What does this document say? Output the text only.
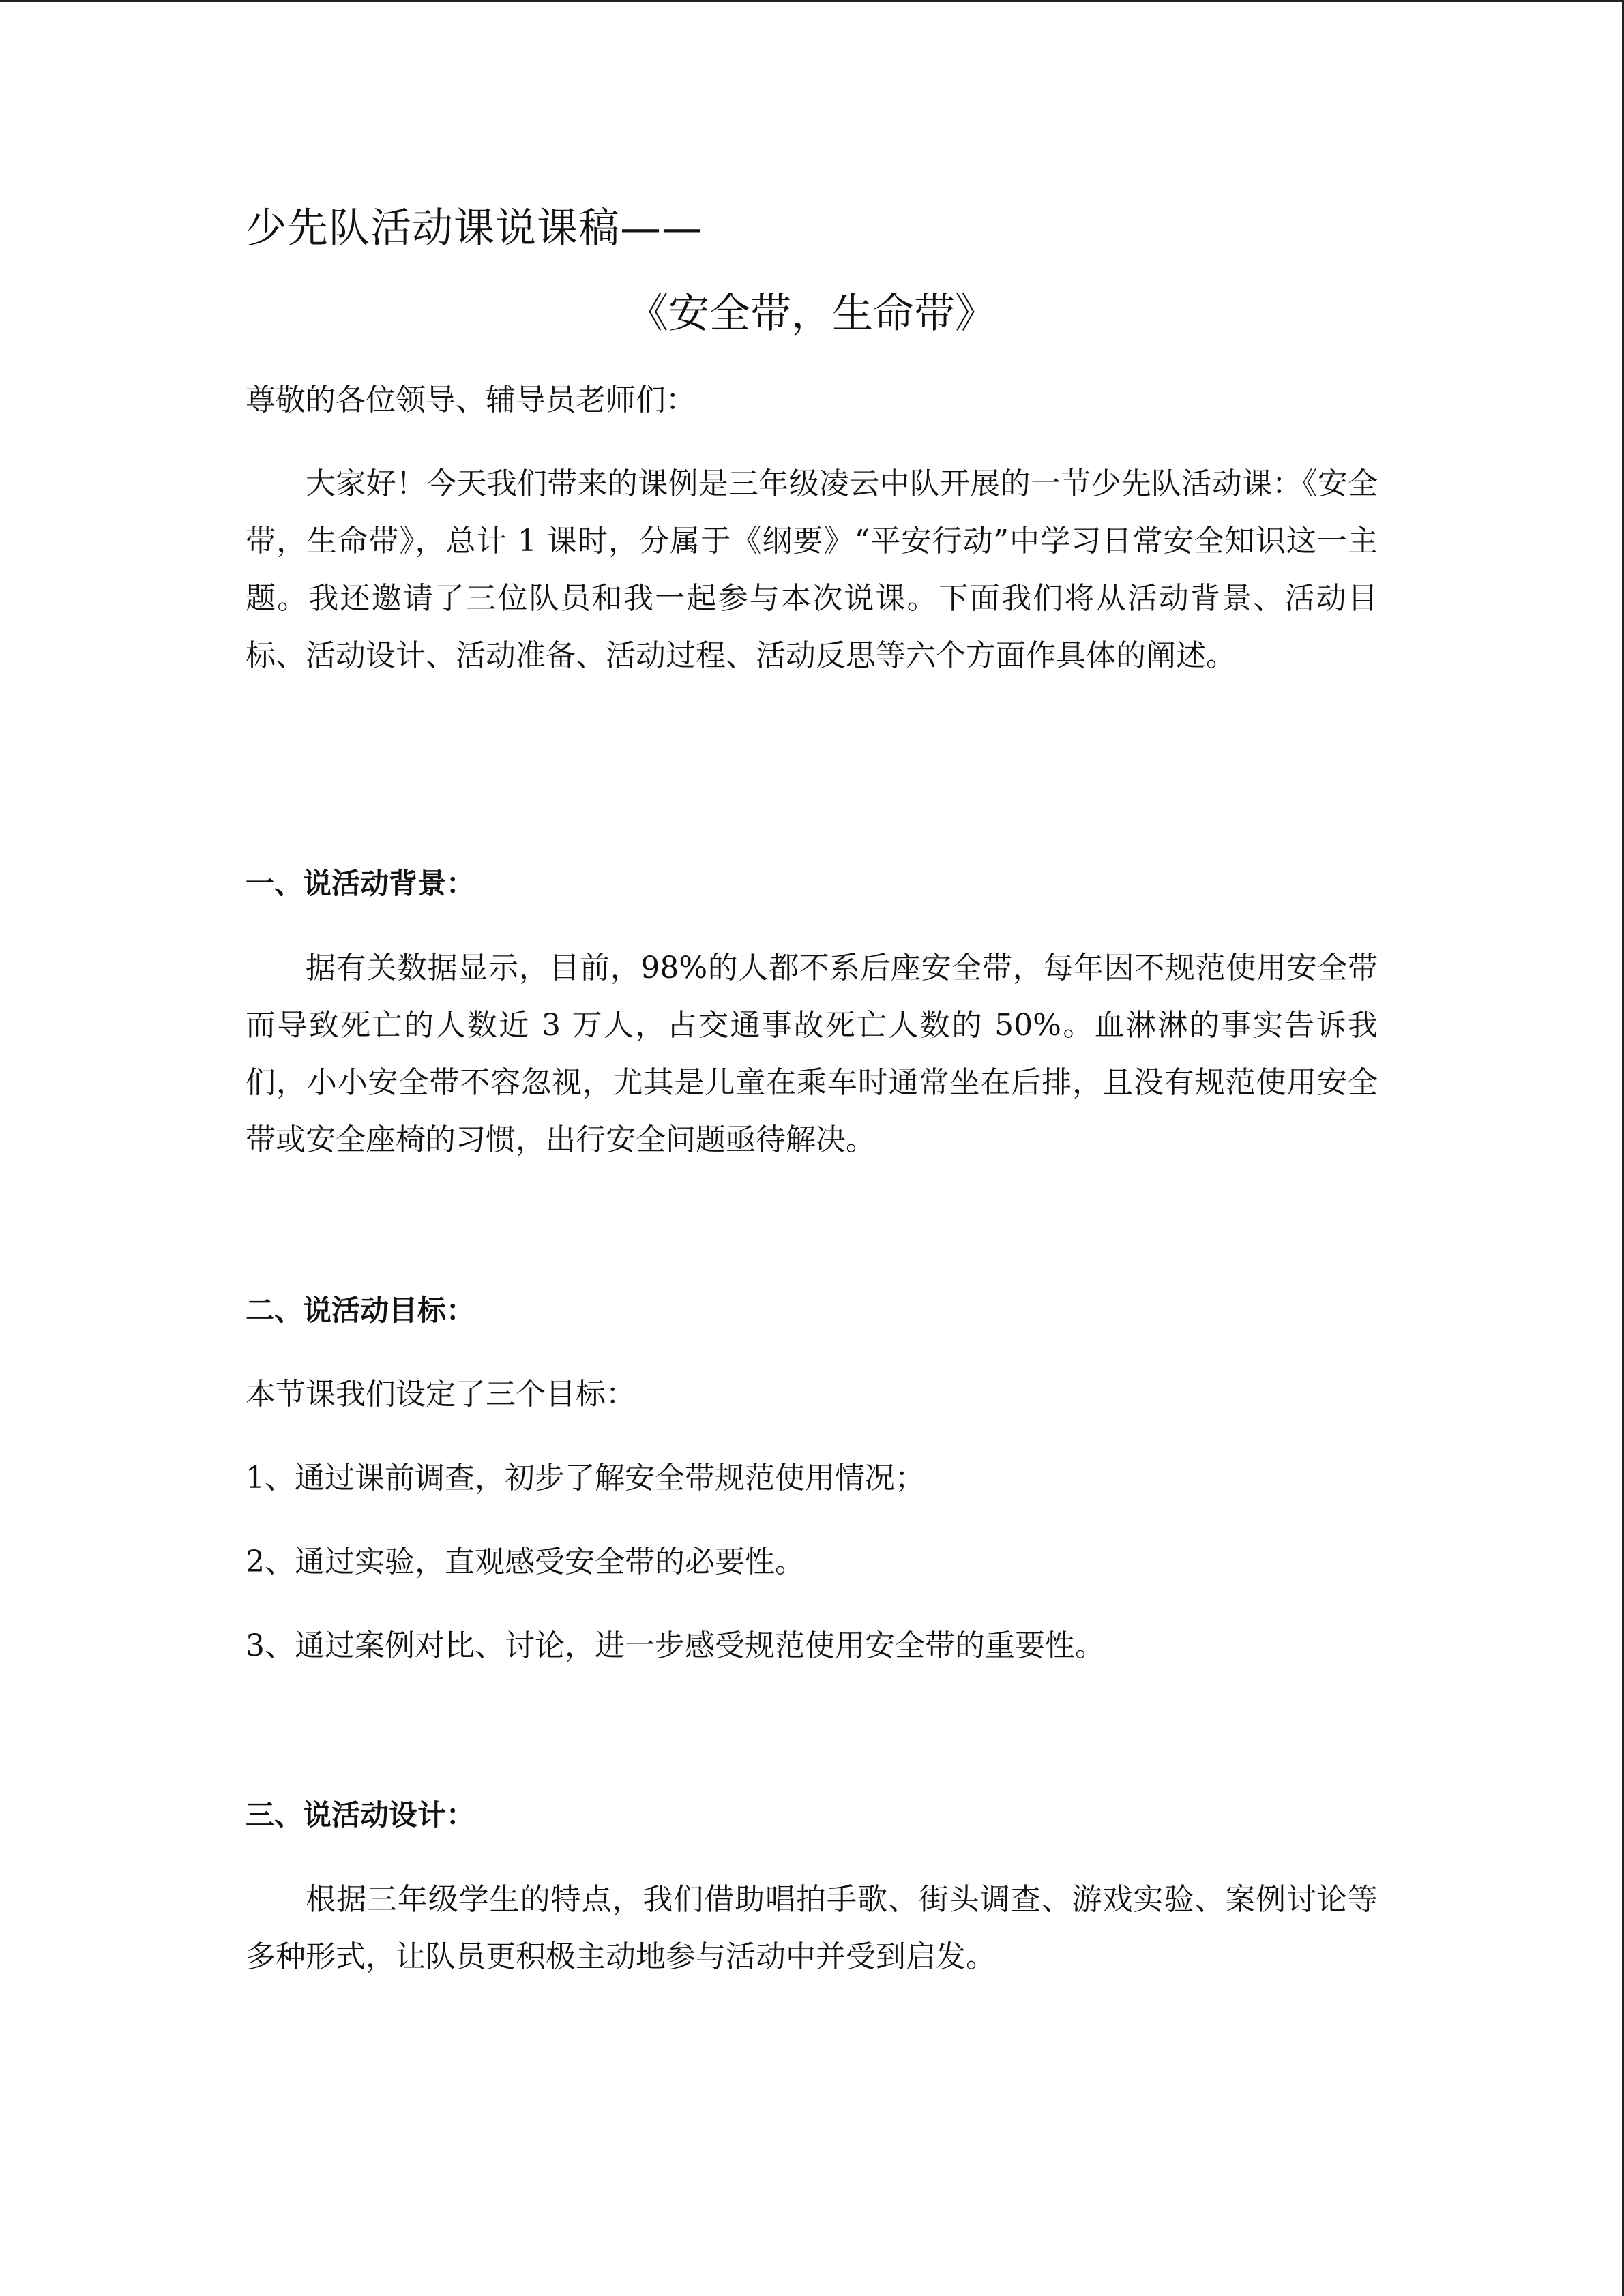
少先队活动课说课稿——
《安全带，生命带》

尊敬的各位领导、辅导员老师们：

大家好！今天我们带来的课例是三年级凌云中队开展的一节少先队活动课：《安全带，生命带》，总计 1 课时，分属于《纲要》“平安行动”中学习日常安全知识这一主题。我还邀请了三位队员和我一起参与本次说课。下面我们将从活动背景、活动目标、活动设计、活动准备、活动过程、活动反思等六个方面作具体的阐述。

一、说活动背景：

据有关数据显示，目前，98%的人都不系后座安全带，每年因不规范使用安全带而导致死亡的人数近 3 万人，占交通事故死亡人数的 50%。血淋淋的事实告诉我们，小小安全带不容忽视，尤其是儿童在乘车时通常坐在后排，且没有规范使用安全带或安全座椅的习惯，出行安全问题亟待解决。

二、说活动目标：

本节课我们设定了三个目标：

1、通过课前调查，初步了解安全带规范使用情况；

2、通过实验，直观感受安全带的必要性。

3、通过案例对比、讨论，进一步感受规范使用安全带的重要性。

三、说活动设计：

根据三年级学生的特点，我们借助唱拍手歌、街头调查、游戏实验、案例讨论等多种形式，让队员更积极主动地参与活动中并受到启发。
